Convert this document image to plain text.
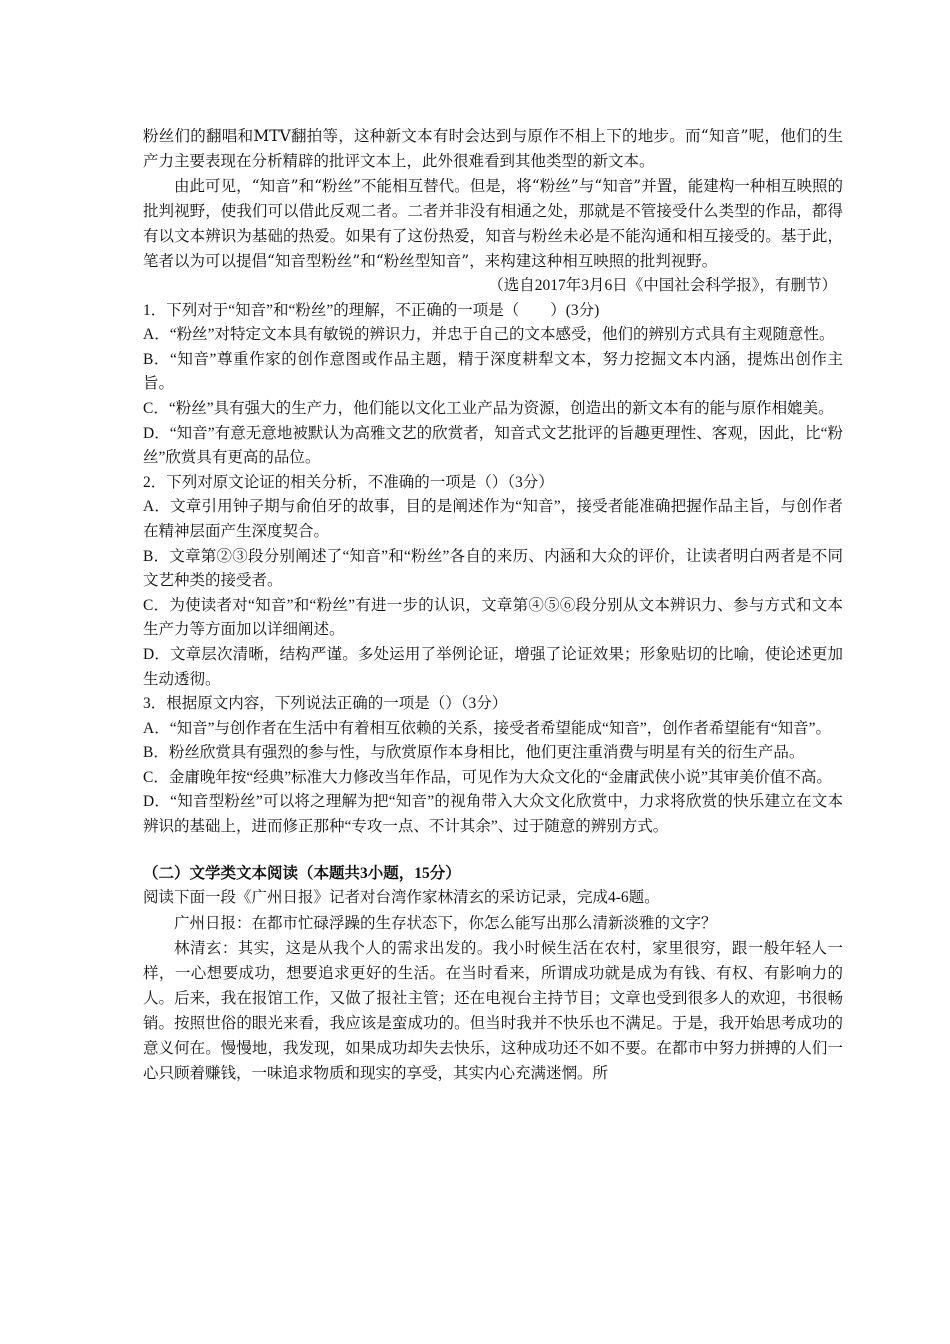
粉丝们的翻唱和MTV翻拍等，这种新文本有时会达到与原作不相上下的地步。而“知音”呢，他们的生产力主要表现在分析精辟的批评文本上，此外很难看到其他类型的新文本。

由此可见，“知音”和“粉丝”不能相互替代。但是，将“粉丝”与“知音”并置，能建构一种相互映照的批判视野，使我们可以借此反观二者。二者并非没有相通之处，那就是不管接受什么类型的作品，都得有以文本辨识为基础的热爱。如果有了这份热爱，知音与粉丝未必是不能沟通和相互接受的。基于此，笔者以为可以提倡“知音型粉丝”和“粉丝型知音”，来构建这种相互映照的批判视野。

（选自2017年3月6日《中国社会科学报》，有删节）

1．下列对于“知音”和“粉丝”的理解，不正确的一项是（　　）(3分)

A．“粉丝”对特定文本具有敏锐的辨识力，并忠于自己的文本感受，他们的辨别方式具有主观随意性。

B．“知音”尊重作家的创作意图或作品主题，精于深度耕犁文本，努力挖掘文本内涵，提炼出创作主旨。

C．“粉丝”具有强大的生产力，他们能以文化工业产品为资源，创造出的新文本有的能与原作相媲美。

D．“知音”有意无意地被默认为高雅文艺的欣赏者，知音式文艺批评的旨趣更理性、客观，因此，比“粉丝”欣赏具有更高的品位。

2．下列对原文论证的相关分析，不准确的一项是（）（3分）

A．文章引用钟子期与俞伯牙的故事，目的是阐述作为“知音”，接受者能准确把握作品主旨，与创作者在精神层面产生深度契合。

B．文章第②③段分别阐述了“知音”和“粉丝”各自的来历、内涵和大众的评价，让读者明白两者是不同文艺种类的接受者。

C．为使读者对“知音”和“粉丝”有进一步的认识，文章第④⑤⑥段分别从文本辨识力、参与方式和文本生产力等方面加以详细阐述。

D．文章层次清晰，结构严谨。多处运用了举例论证，增强了论证效果；形象贴切的比喻，使论述更加生动透彻。

3．根据原文内容，下列说法正确的一项是（）（3分）

A．“知音”与创作者在生活中有着相互依赖的关系，接受者希望能成“知音”，创作者希望能有“知音”。

B．粉丝欣赏具有强烈的参与性，与欣赏原作本身相比，他们更注重消费与明星有关的衍生产品。

C．金庸晚年按“经典”标准大力修改当年作品，可见作为大众文化的“金庸武侠小说”其审美价值不高。

D．“知音型粉丝”可以将之理解为把“知音”的视角带入大众文化欣赏中，力求将欣赏的快乐建立在文本辨识的基础上，进而修正那种“专攻一点、不计其余”、过于随意的辨别方式。

（二）文学类文本阅读（本题共3小题，15分）

阅读下面一段《广州日报》记者对台湾作家林清玄的采访记录，完成4-6题。

广州日报：在都市忙碌浮躁的生存状态下，你怎么能写出那么清新淡雅的文字？

林清玄：其实，这是从我个人的需求出发的。我小时候生活在农村，家里很穷，跟一般年轻人一样，一心想要成功，想要追求更好的生活。在当时看来，所谓成功就是成为有钱、有权、有影响力的人。后来，我在报馆工作，又做了报社主管；还在电视台主持节目；文章也受到很多人的欢迎，书很畅销。按照世俗的眼光来看，我应该是蛮成功的。但当时我并不快乐也不满足。于是，我开始思考成功的意义何在。慢慢地，我发现，如果成功却失去快乐，这种成功还不如不要。在都市中努力拼搏的人们一心只顾着赚钱，一味追求物质和现实的享受，其实内心充满迷惘。所
